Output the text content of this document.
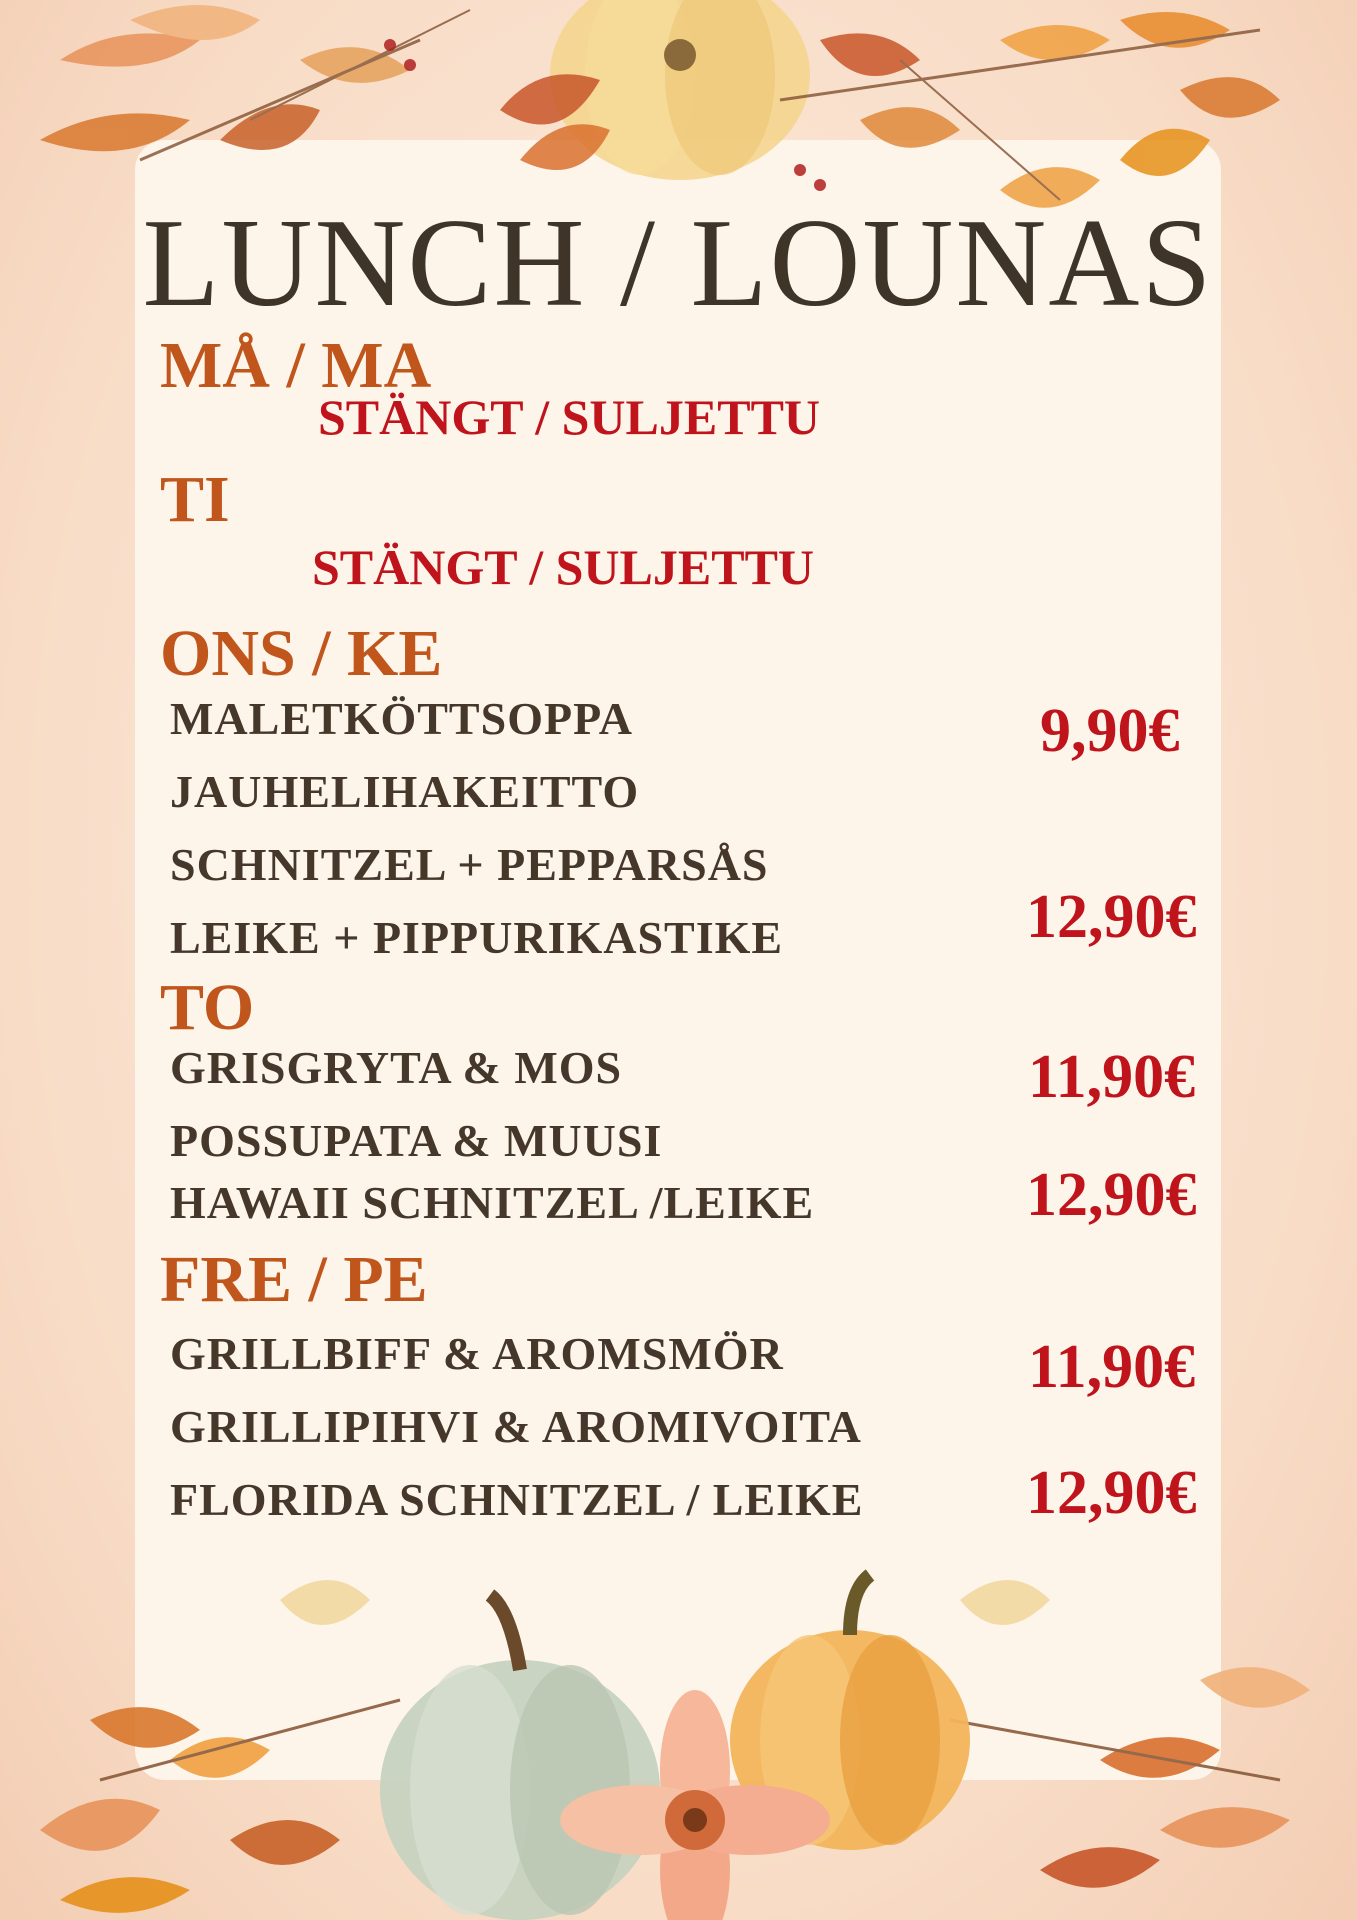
LUNCH / LOUNAS
MÅ / MA
STÄNGT / SULJETTU
TI
STÄNGT / SULJETTU
ONS / KE
MALETKÖTTSOPPA
JAUHELIHAKEITTO
SCHNITZEL + PEPPARSÅS
LEIKE + PIPPURIKASTIKE
9,90€
12,90€
TO
GRISGRYTA & MOS
POSSUPATA & MUUSI
HAWAII SCHNITZEL /LEIKE
11,90€
12,90€
FRE / PE
GRILLBIFF & AROMSMÖR
GRILLIPIHVI & AROMIVOITA
FLORIDA SCHNITZEL / LEIKE
11,90€
12,90€
